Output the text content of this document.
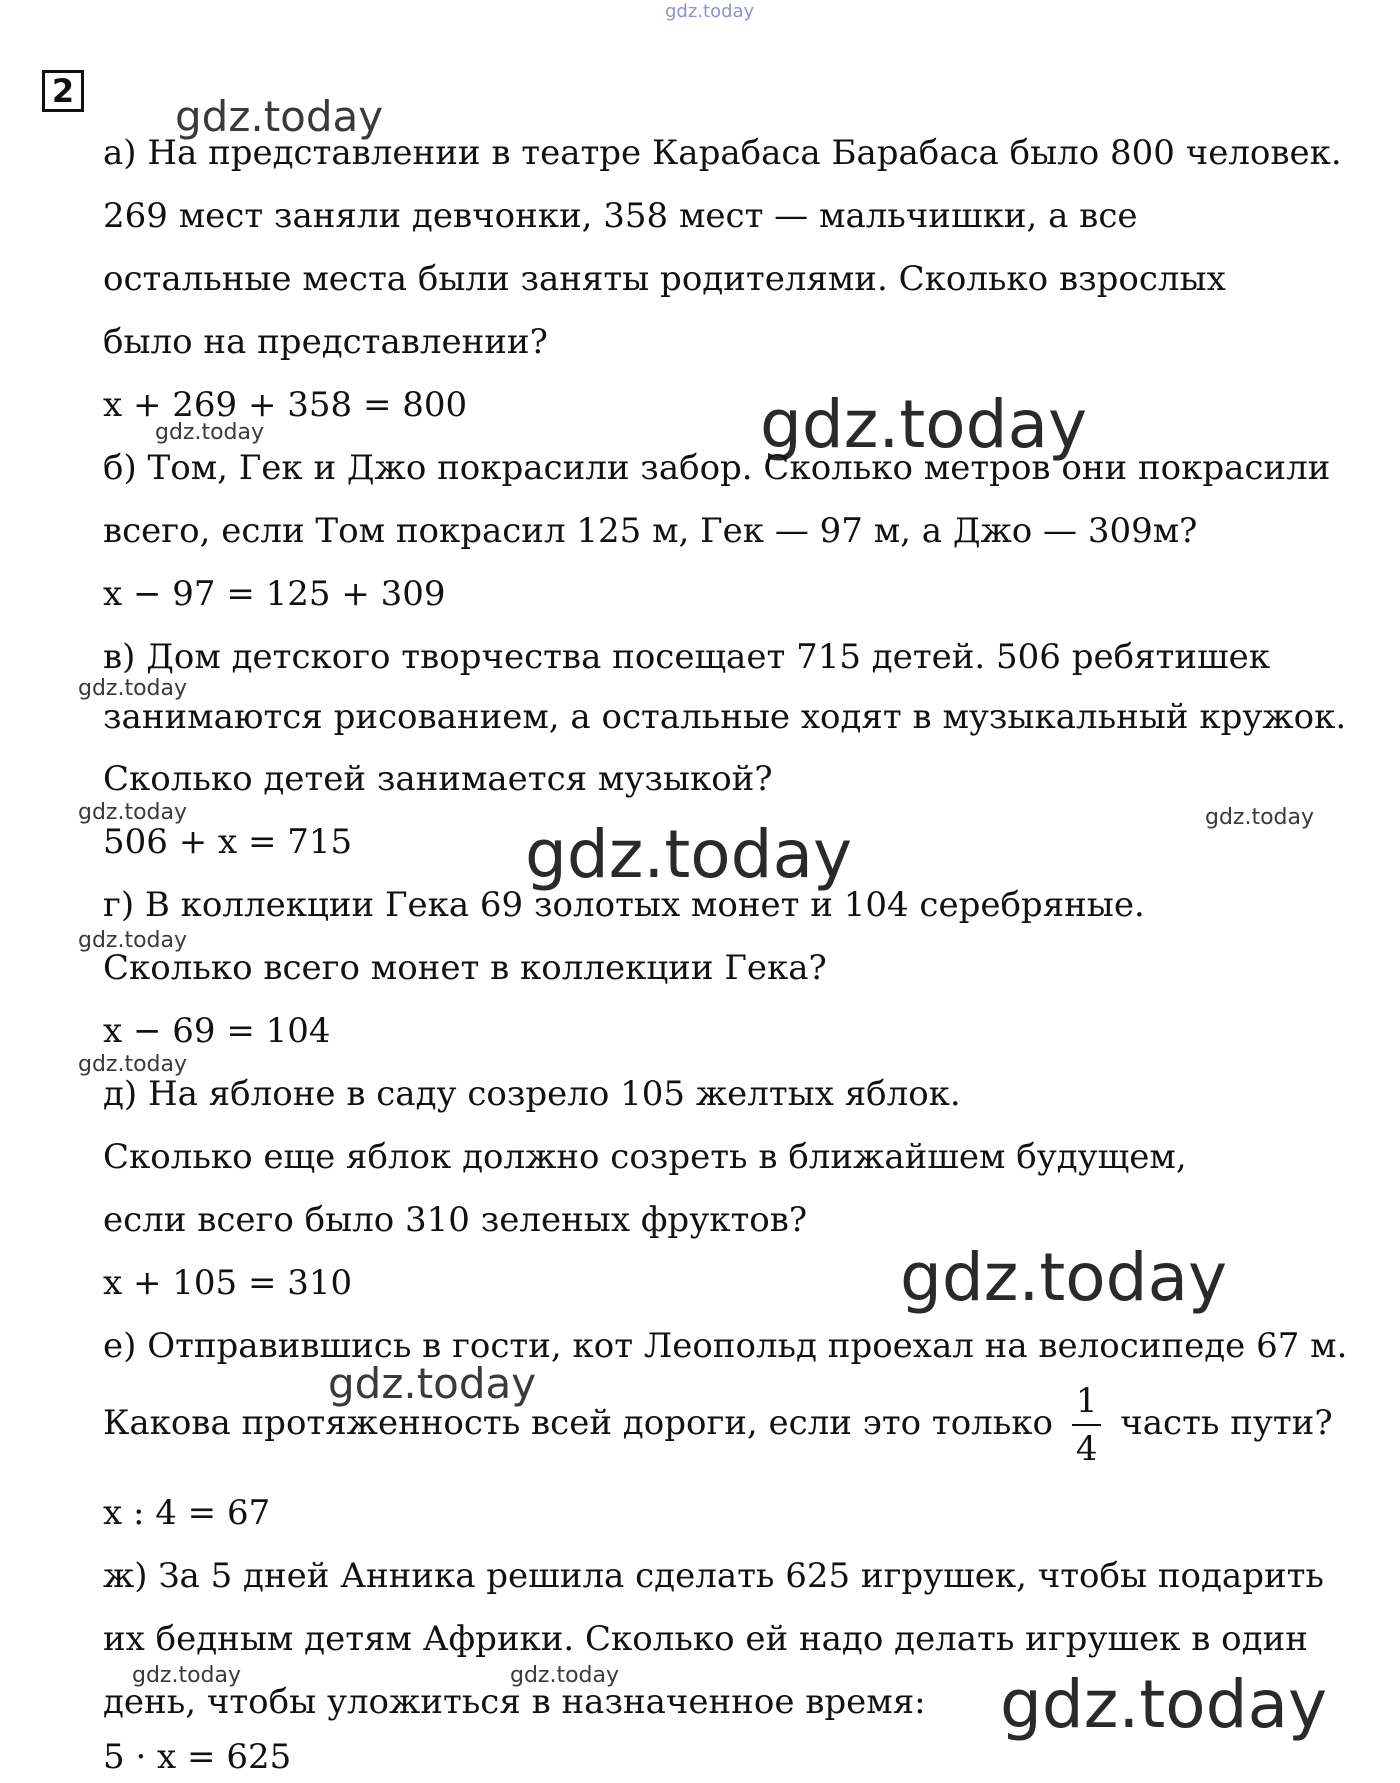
gdz.today
gdz.today
gdz.today
gdz.today
gdz.today
gdz.today	gdz.today
gdz.today
gdz.today
gdz.today
gdz.today
gdz.today
gdz.today	gdz.today	gdz.today
2
а) На представлении в театре Карабаса Барабаса было 800 человек.
269 мест заняли девчонки, 358 мест — мальчишки, а все
остальные места были заняты родителями. Сколько взрослых
было на представлении?
x + 269 + 358 = 800
б) Том, Гек и Джо покрасили забор. Сколько метров они покрасили
всего, если Том покрасил 125 м, Гек — 97 м, а Джо — 309м?
x − 97 = 125 + 309
в) Дом детского творчества посещает 715 детей. 506 ребятишек
занимаются рисованием, а остальные ходят в музыкальный кружок.
Сколько детей занимается музыкой?
506 + x = 715
г) В коллекции Гека 69 золотых монет и 104 серебряные.
Сколько всего монет в коллекции Гека?
x − 69 = 104
д) На яблоне в саду созрело 105 желтых яблок.
Сколько еще яблок должно созреть в ближайшем будущем,
если всего было 310 зеленых фруктов?
x + 105 = 310
е) Отправившись в гости, кот Леопольд проехал на велосипеде 67 м.
Какова протяженность всей дороги, если это только $\frac{1}{4}$ часть пути?
x : 4 = 67
ж) За 5 дней Анника решила сделать 625 игрушек, чтобы подарить
их бедным детям Африки. Сколько ей надо делать игрушек в один
день, чтобы уложиться в назначенное время:
5 · x = 625
